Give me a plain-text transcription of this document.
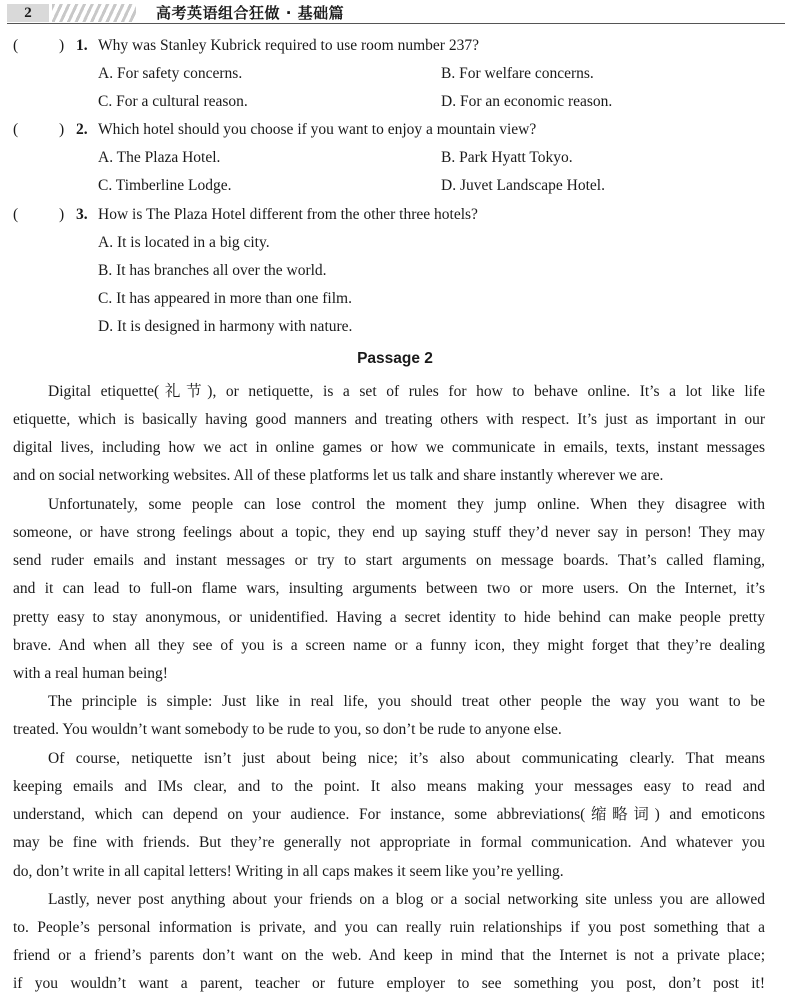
2	高考英语组合狂做 · 基础篇
(	) 1. Why was Stanley Kubrick required to use room number 237?
A. For safety concerns.	B. For welfare concerns.
C. For a cultural reason.	D. For an economic reason.
(	) 2. Which hotel should you choose if you want to enjoy a mountain view?
A. The Plaza Hotel.	B. Park Hyatt Tokyo.
C. Timberline Lodge.	D. Juvet Landscape Hotel.
(	) 3. How is The Plaza Hotel different from the other three hotels?
A. It is located in a big city.
B. It has branches all over the world.
C. It has appeared in more than one film.
D. It is designed in harmony with nature.
Passage 2
Digital etiquette(礼节), or netiquette, is a set of rules for how to behave online. It’s a lot like life
etiquette, which is basically having good manners and treating others with respect. It’s just as important in our
digital lives, including how we act in online games or how we communicate in emails, texts, instant messages
and on social networking websites. All of these platforms let us talk and share instantly wherever we are.
Unfortunately, some people can lose control the moment they jump online. When they disagree with
someone, or have strong feelings about a topic, they end up saying stuff they’d never say in person! They may
send ruder emails and instant messages or try to start arguments on message boards. That’s called flaming,
and it can lead to full-on flame wars, insulting arguments between two or more users. On the Internet, it’s
pretty easy to stay anonymous, or unidentified. Having a secret identity to hide behind can make people pretty
brave. And when all they see of you is a screen name or a funny icon, they might forget that they’re dealing
with a real human being!
The principle is simple: Just like in real life, you should treat other people the way you want to be
treated. You wouldn’t want somebody to be rude to you, so don’t be rude to anyone else.
Of course, netiquette isn’t just about being nice; it’s also about communicating clearly. That means
keeping emails and IMs clear, and to the point. It also means making your messages easy to read and
understand, which can depend on your audience. For instance, some abbreviations(缩略词) and emoticons
may be fine with friends. But they’re generally not appropriate in formal communication. And whatever you
do, don’t write in all capital letters! Writing in all caps makes it seem like you’re yelling.
Lastly, never post anything about your friends on a blog or a social networking site unless you are allowed
to. People’s personal information is private, and you can really ruin relationships if you post something that a
friend or a friend’s parents don’t want on the web. And keep in mind that the Internet is not a private place;
if you wouldn’t want a parent, teacher or future employer to see something you post, don’t post it!
